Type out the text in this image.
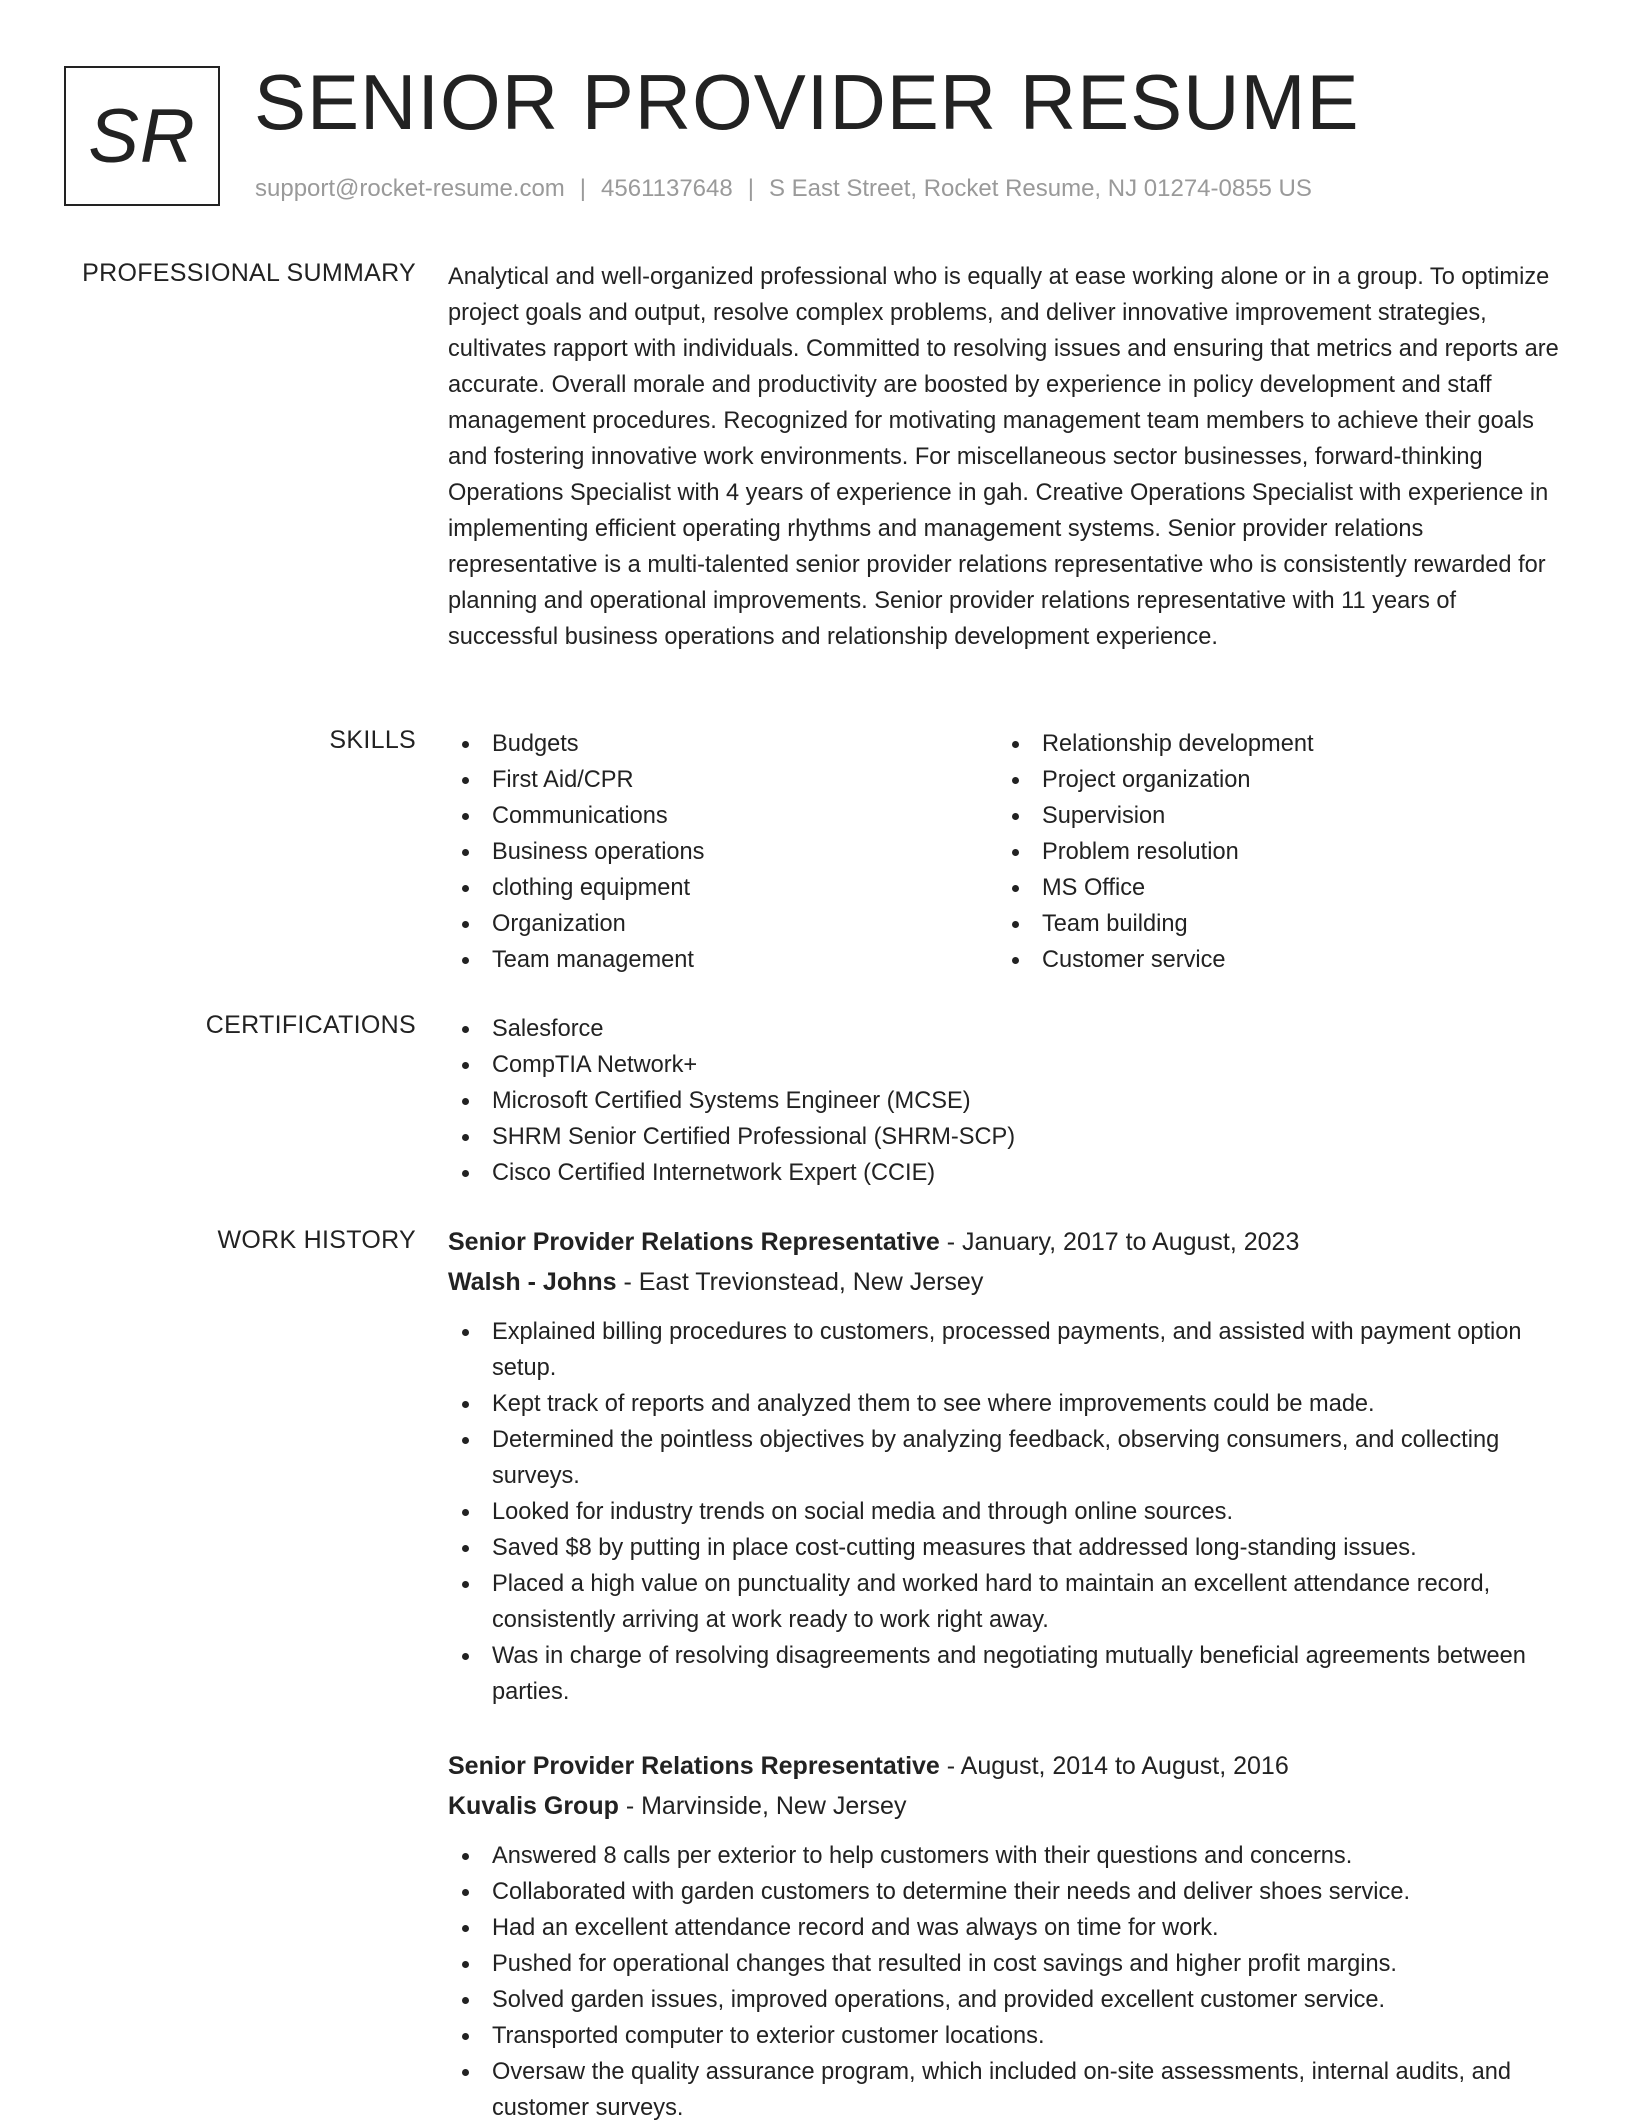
SR SENIOR PROVIDER RESUME
support@rocket-resume.com | 4561137648 | S East Street, Rocket Resume, NJ 01274-0855 US
PROFESSIONAL SUMMARY Analytical and well-organized professional who is equally at ease working alone or in a group. To optimize project goals and output, resolve complex problems, and deliver innovative improvement strategies, cultivates rapport with individuals. Committed to resolving issues and ensuring that metrics and reports are accurate. Overall morale and productivity are boosted by experience in policy development and staff management procedures. Recognized for motivating management team members to achieve their goals and fostering innovative work environments. For miscellaneous sector businesses, forward-thinking Operations Specialist with 4 years of experience in gah. Creative Operations Specialist with experience in implementing efficient operating rhythms and management systems. Senior provider relations representative is a multi-talented senior provider relations representative who is consistently rewarded for planning and operational improvements. Senior provider relations representative with 11 years of successful business operations and relationship development experience.

SKILLS	Budgets
First Aid/CPR
Communications
Business operations
clothing equipment
Organization
Team management
Relationship development
Project organization
Supervision
Problem resolution
MS Office
Team building
Customer service
CERTIFICATIONS	Salesforce
CompTIA Network+
Microsoft Certified Systems Engineer (MCSE)
SHRM Senior Certified Professional (SHRM-SCP)
Cisco Certified Internetwork Expert (CCIE)
WORK HISTORY Senior Provider Relations Representative - January, 2017 to August, 2023
Walsh - Johns - East Trevionstead, New Jersey
Explained billing procedures to customers, processed payments, and assisted with payment option setup.
Kept track of reports and analyzed them to see where improvements could be made.
Determined the pointless objectives by analyzing feedback, observing consumers, and collecting surveys.
Looked for industry trends on social media and through online sources.
Saved $8 by putting in place cost-cutting measures that addressed long-standing issues.
Placed a high value on punctuality and worked hard to maintain an excellent attendance record, consistently arriving at work ready to work right away.
Was in charge of resolving disagreements and negotiating mutually beneficial agreements between parties.
Senior Provider Relations Representative - August, 2014 to August, 2016
Kuvalis Group - Marvinside, New Jersey
Answered 8 calls per exterior to help customers with their questions and concerns.
Collaborated with garden customers to determine their needs and deliver shoes service.
Had an excellent attendance record and was always on time for work.
Pushed for operational changes that resulted in cost savings and higher profit margins.
Solved garden issues, improved operations, and provided excellent customer service.
Transported computer to exterior customer locations.
Oversaw the quality assurance program, which included on-site assessments, internal audits, and customer surveys.
